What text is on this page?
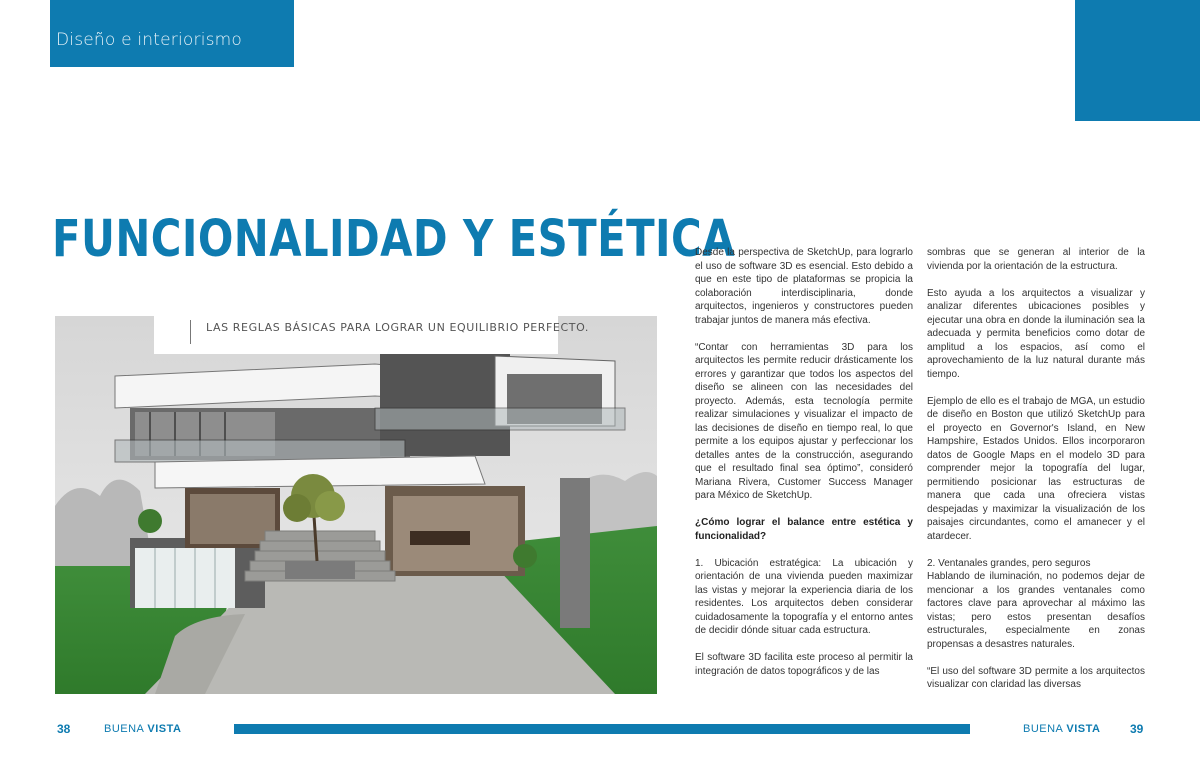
Diseño e interiorismo
FUNCIONALIDAD Y ESTÉTICA
LAS REGLAS BÁSICAS PARA LOGRAR UN EQUILIBRIO PERFECTO.

Desde la perspectiva de SketchUp, para lograrlo el uso de software 3D es esencial. Esto debido a que en este tipo de plataformas se propicia la colaboración interdisciplinaria, donde arquitectos, ingenieros y constructores pueden trabajar juntos de manera más efectiva.

“Contar con herramientas 3D para los arquitectos les permite reducir drásticamente los errores y garantizar que todos los aspectos del diseño se alineen con las necesidades del proyecto. Además, esta tecnología permite realizar simulaciones y visualizar el impacto de las decisiones de diseño en tiempo real, lo que permite a los equipos ajustar y perfeccionar los detalles antes de la construcción, asegurando que el resultado final sea óptimo”, consideró Mariana Rivera, Customer Success Manager para México de SketchUp.

¿Cómo lograr el balance entre estética y funcionalidad?

1. Ubicación estratégica: La ubicación y orientación de una vivienda pueden maximizar las vistas y mejorar la experiencia diaria de los residentes. Los arquitectos deben considerar cuidadosamente la topografía y el entorno antes de decidir dónde situar cada estructura.

El software 3D facilita este proceso al permitir la integración de datos topográficos y de las

sombras que se generan al interior de la vivienda por la orientación de la estructura.

Esto ayuda a los arquitectos a visualizar y analizar diferentes ubicaciones posibles y ejecutar una obra en donde la iluminación sea la adecuada y permita beneficios como dotar de amplitud a los espacios, así como el aprovechamiento de la luz natural durante más tiempo.

Ejemplo de ello es el trabajo de MGA, un estudio de diseño en Boston que utilizó SketchUp para el proyecto en Governor's Island, en New Hampshire, Estados Unidos. Ellos incorporaron datos de Google Maps en el modelo 3D para comprender mejor la topografía del lugar, permitiendo posicionar las estructuras de manera que cada una ofreciera vistas despejadas y maximizar la visualización de los paisajes circundantes, como el amanecer y el atardecer.

2. Ventanales grandes, pero seguros

Hablando de iluminación, no podemos dejar de mencionar a los grandes ventanales como factores clave para aprovechar al máximo las vistas; pero estos presentan desafíos estructurales, especialmente en zonas propensas a desastres naturales.

“El uso del software 3D permite a los arquitectos visualizar con claridad las diversas

38	BUENA VISTA	BUENA VISTA 39
